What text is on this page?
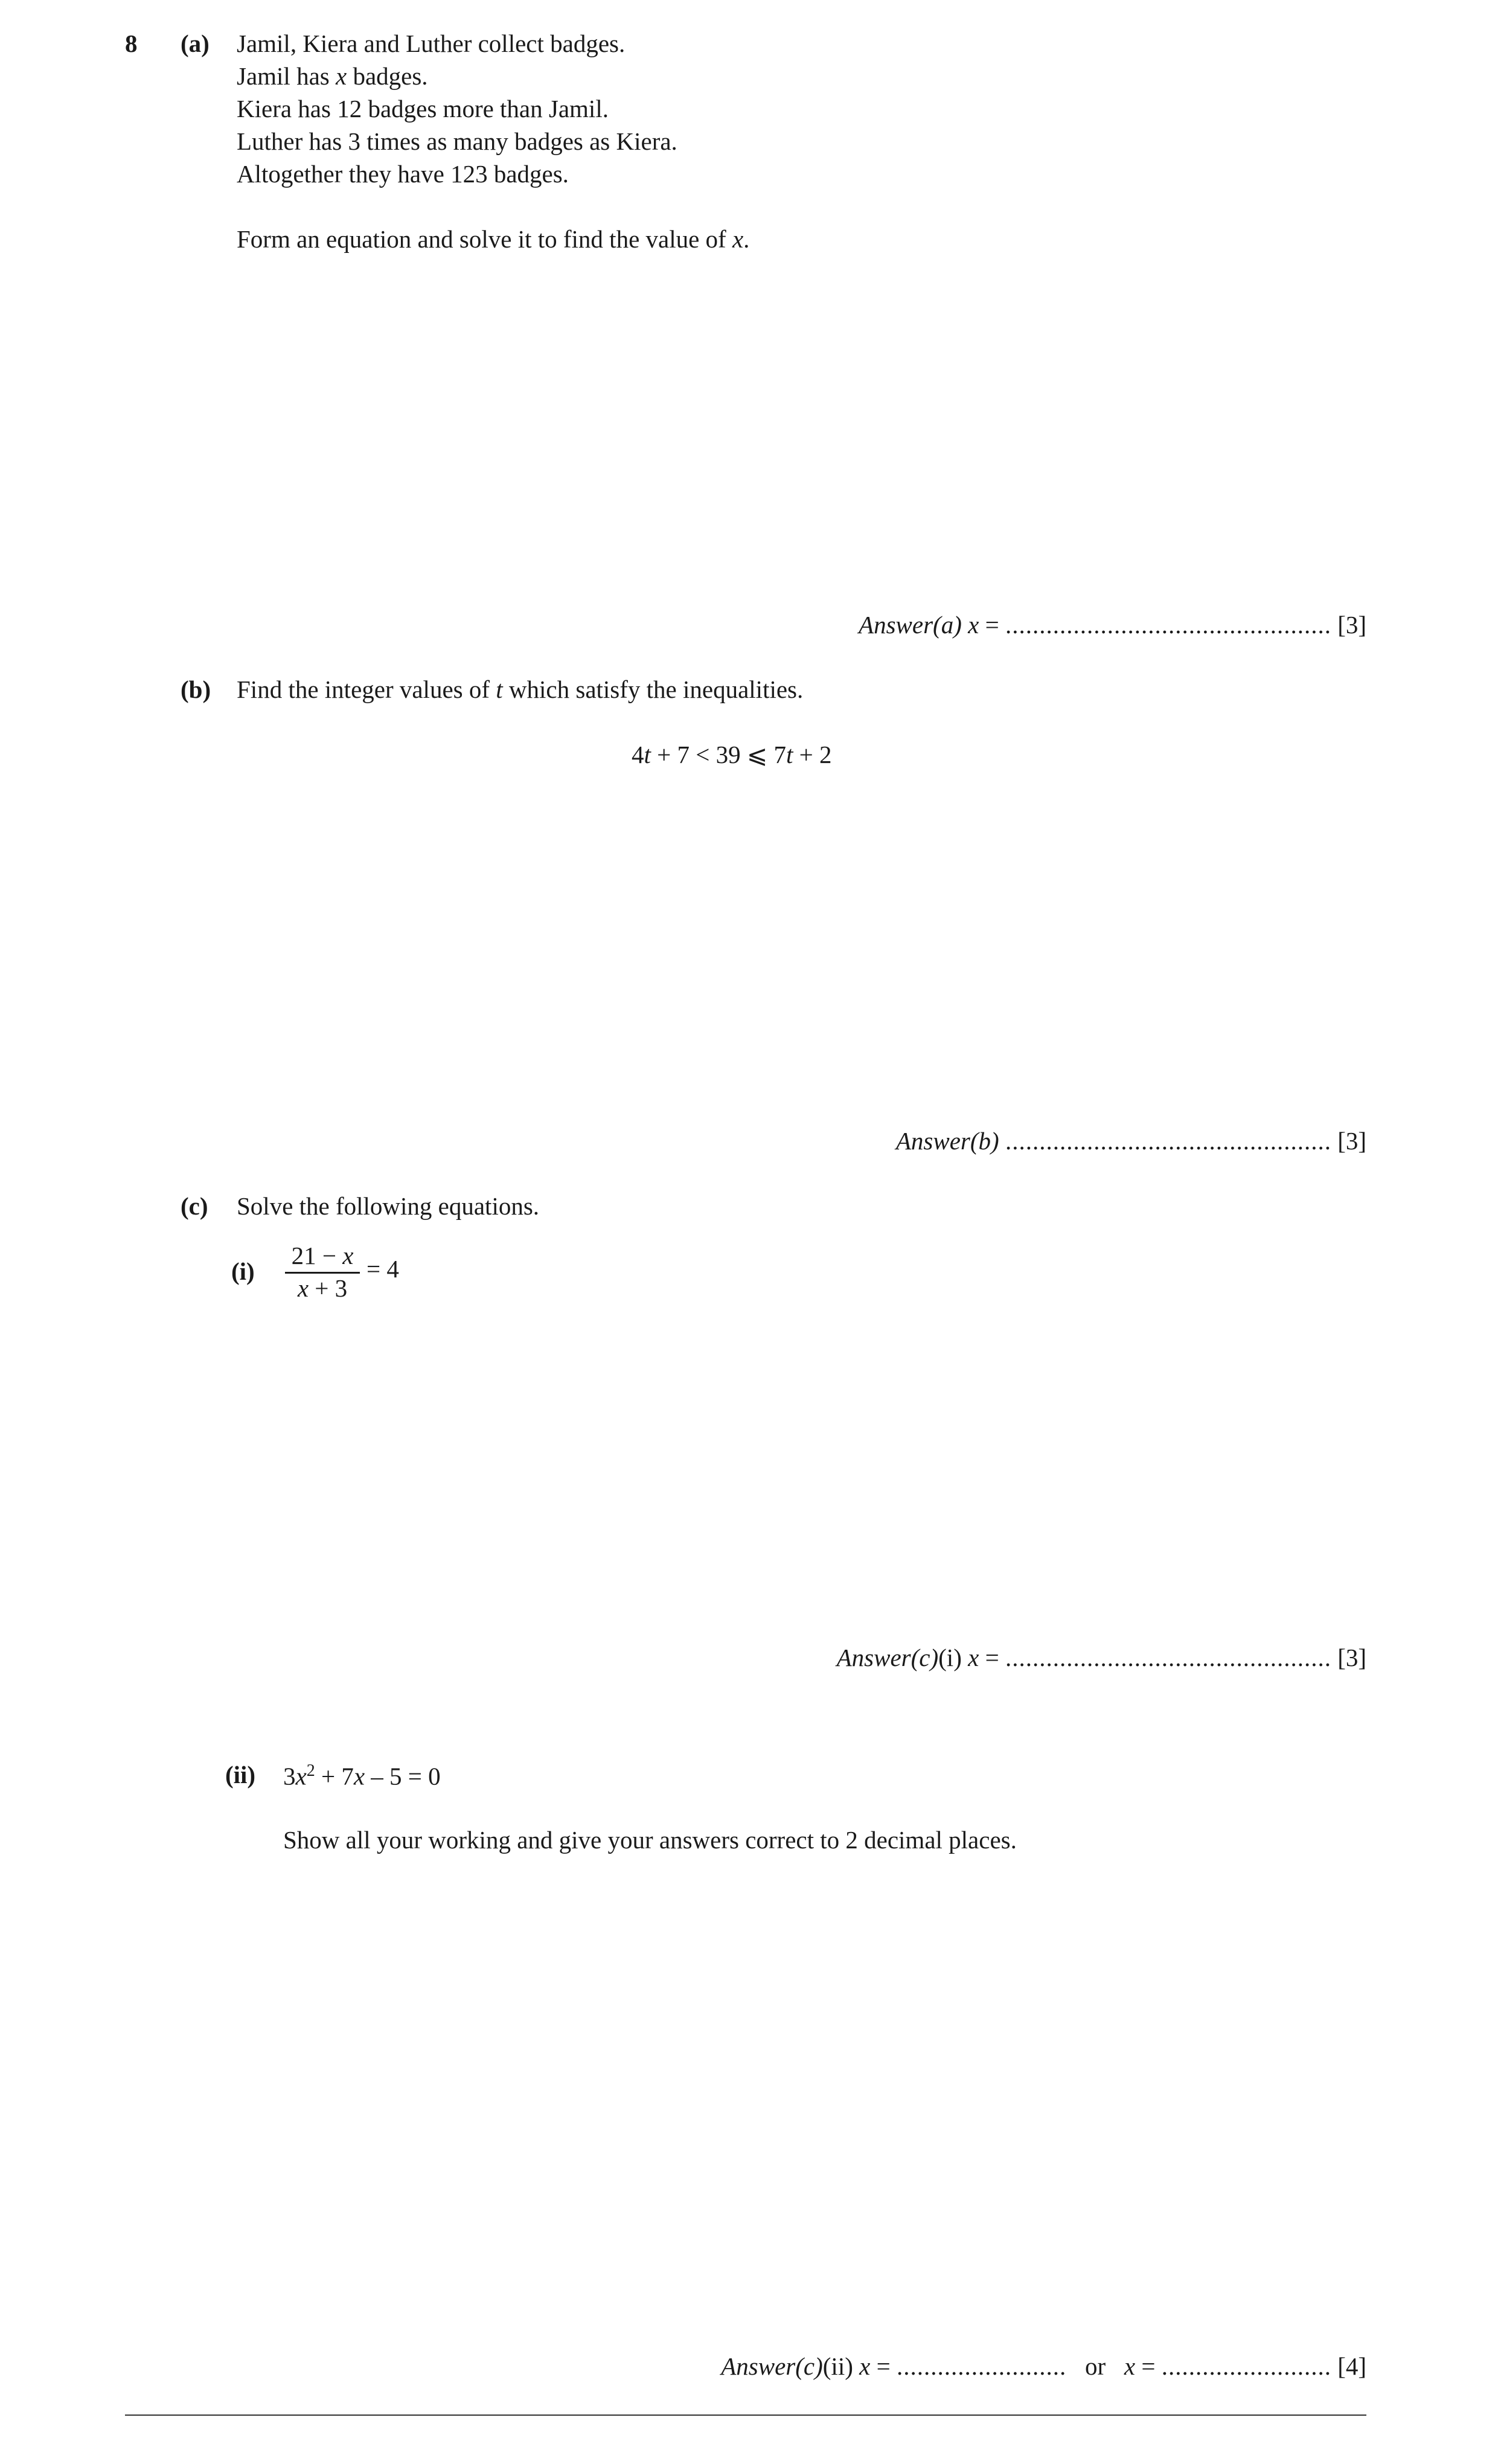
8 (a) Jamil, Kiera and Luther collect badges.
Jamil has x badges.
Kiera has 12 badges more than Jamil.
Luther has 3 times as many badges as Kiera.
Altogether they have 123 badges.
Form an equation and solve it to find the value of x.
Answer(a) x = ................................................ [3]
(b) Find the integer values of t which satisfy the inequalities.
4t + 7 < 39 ⩽ 7t + 2
Answer(b) ................................................ [3]
(c) Solve the following equations.
(i)
21 − x
x + 3
= 4
Answer(c)(i) x = ................................................ [3]
(ii) $3x^2 + 7x - 5 = 0$
Show all your working and give your answers correct to 2 decimal places.
Answer(c)(ii) x = ......................... or x = ......................... [4]
